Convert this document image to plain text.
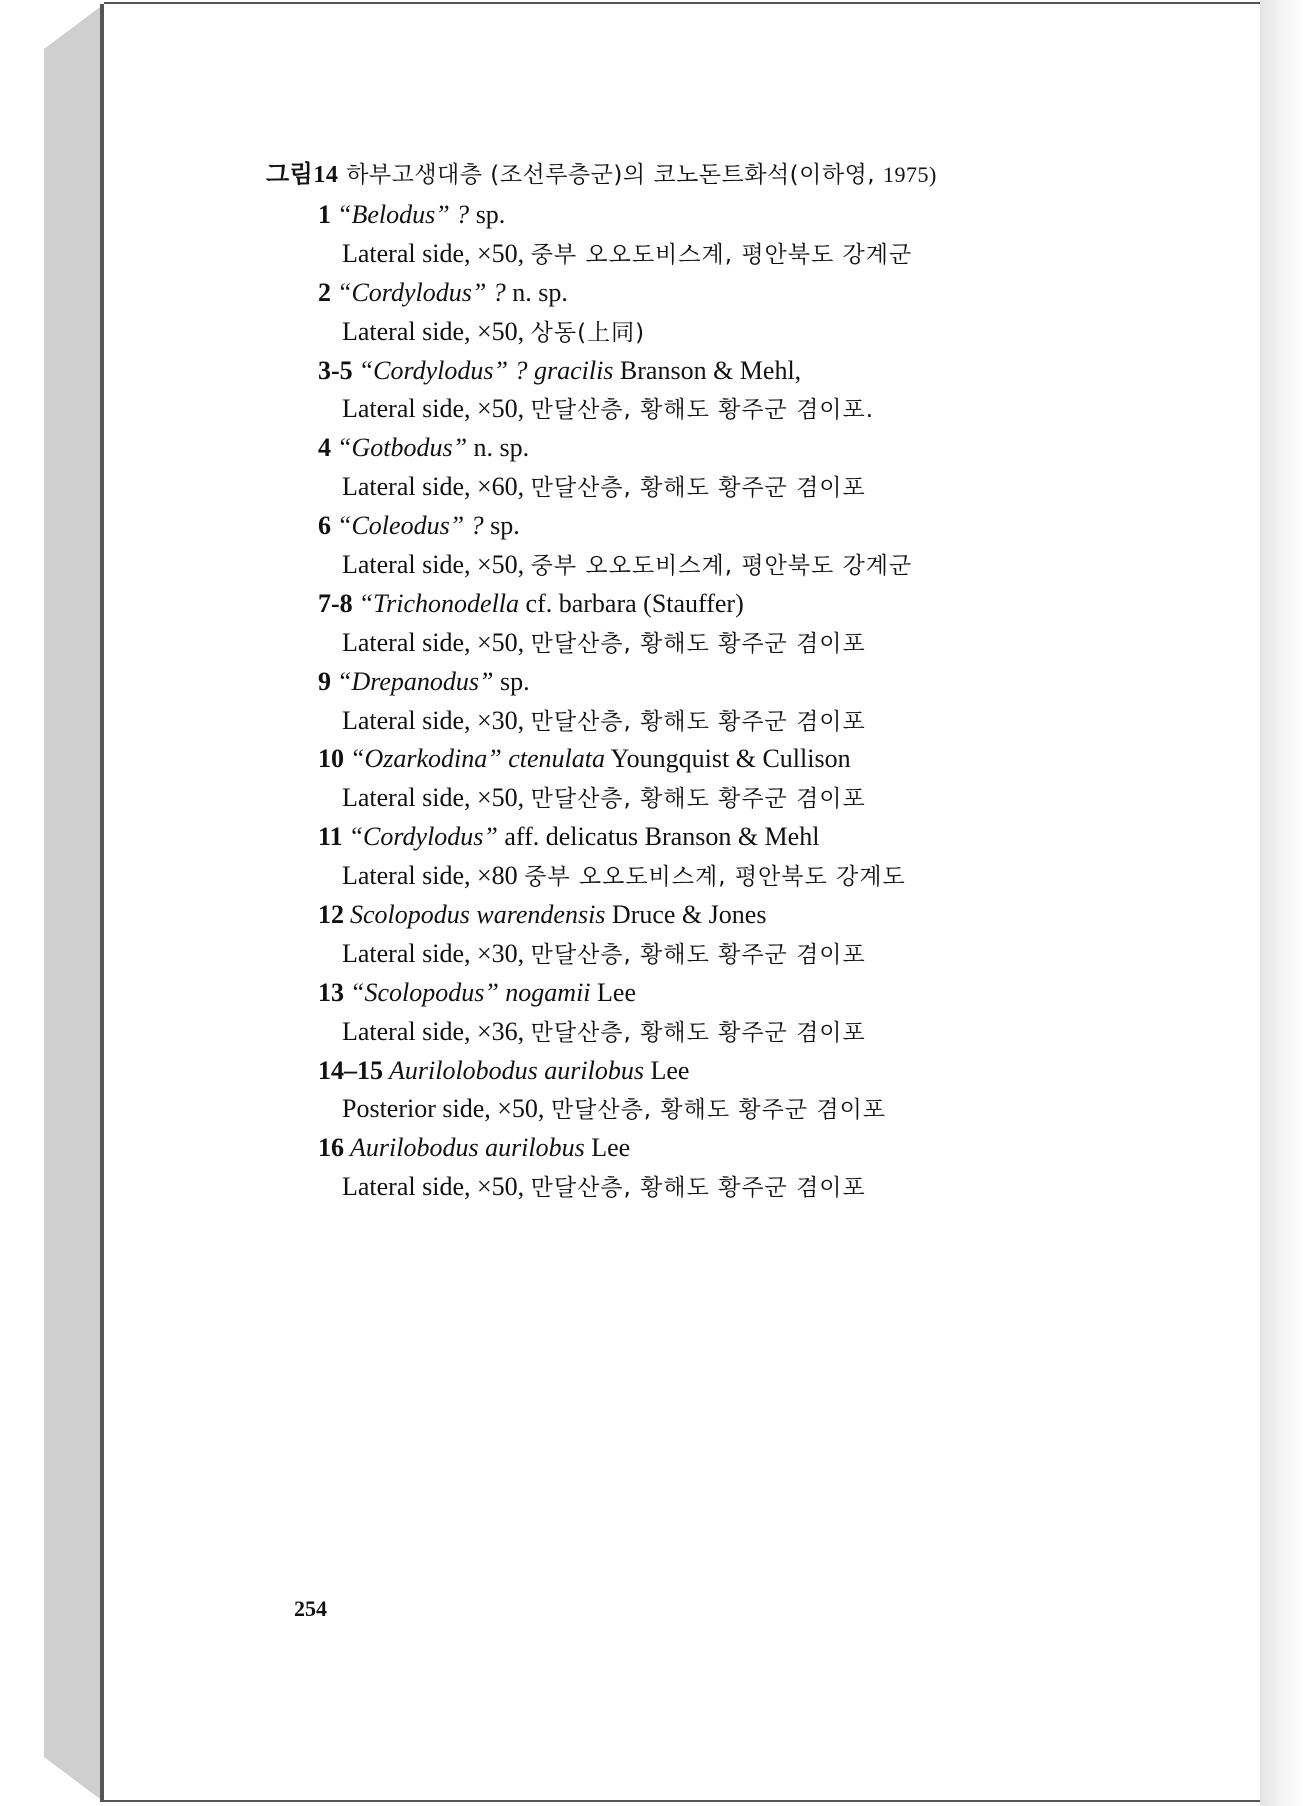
그림14 하부고생대층 (조선루층군)의 코노돈트화석(이하영, 1975)
1 “Belodus” ? sp.
Lateral side, ×50, 중부 오오도비스계, 평안북도 강계군
2 “Cordylodus” ? n. sp.
Lateral side, ×50, 상동(上同)
3-5 “Cordylodus” ? gracilis Branson & Mehl,
Lateral side, ×50, 만달산층, 황해도 황주군 겸이포.
4 “Gotbodus” n. sp.
Lateral side, ×60, 만달산층, 황해도 황주군 겸이포
6 “Coleodus” ? sp.
Lateral side, ×50, 중부 오오도비스계, 평안북도 강계군
7-8 “Trichonodella cf. barbara (Stauffer)
Lateral side, ×50, 만달산층, 황해도 황주군 겸이포
9 “Drepanodus” sp.
Lateral side, ×30, 만달산층, 황해도 황주군 겸이포
10 “Ozarkodina” ctenulata Youngquist & Cullison
Lateral side, ×50, 만달산층, 황해도 황주군 겸이포
11 “Cordylodus” aff. delicatus Branson & Mehl
Lateral side, ×80 중부 오오도비스계, 평안북도 강계도
12 Scolopodus warendensis Druce & Jones
Lateral side, ×30, 만달산층, 황해도 황주군 겸이포
13 “Scolopodus” nogamii Lee
Lateral side, ×36, 만달산층, 황해도 황주군 겸이포
14–15 Aurilolobodus aurilobus Lee
Posterior side, ×50, 만달산층, 황해도 황주군 겸이포
16 Aurilobodus aurilobus Lee
Lateral side, ×50, 만달산층, 황해도 황주군 겸이포
254
